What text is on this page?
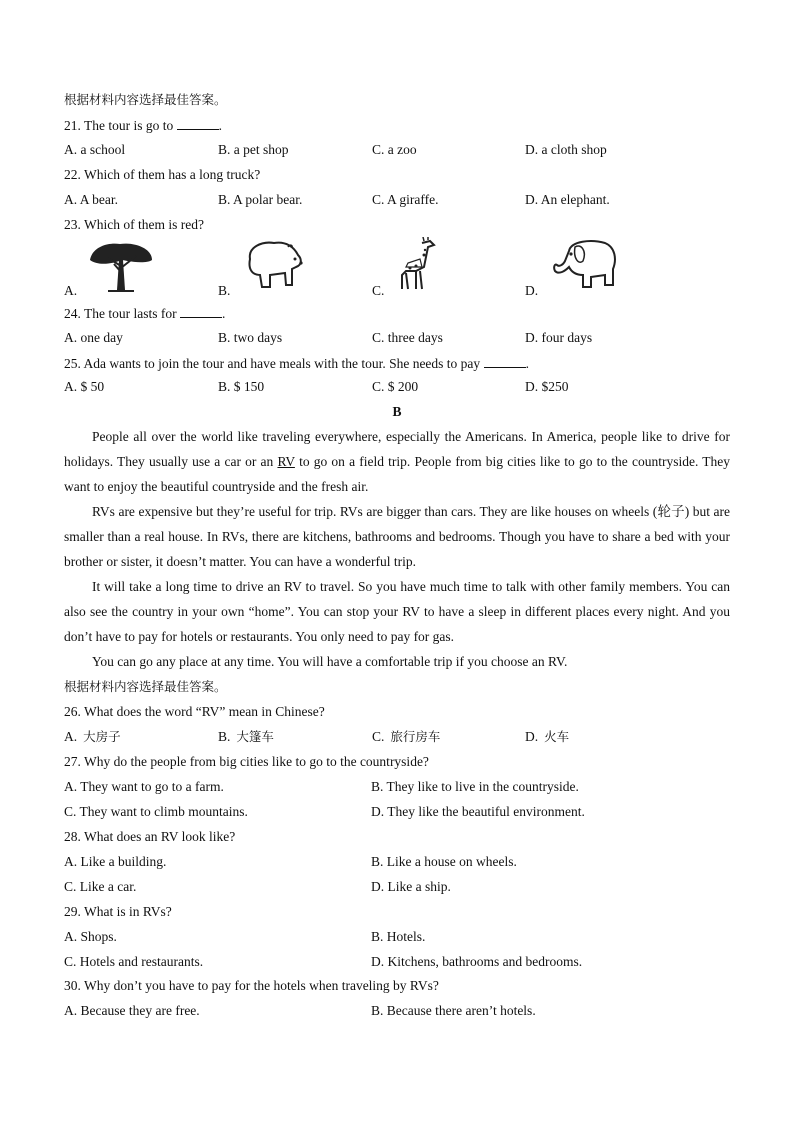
根据材料内容选择最佳答案。
21. The tour is go to	.
A. a school	B. a pet shop	C. a zoo	D. a cloth shop
22. Which of them has a long truck?
A. A bear.	B. A polar bear.	C. A giraffe.	D. An elephant.
23. Which of them is red?
A.	B.	C.	D.
24. The tour lasts for	.
A. one day	B. two days	C. three days	D. four days
25. Ada wants to join the tour and have meals with the tour. She needs to pay	.
A. $ 50	B. $ 150	C. $ 200	D. $250
B
People all over the world like traveling everywhere, especially the Americans. In America, people like to drive for holidays. They usually use a car or an RV to go on a field trip. People from big cities like to go to the countryside. They want to enjoy the beautiful countryside and the fresh air.
RVs are expensive but they’re useful for trip. RVs are bigger than cars. They are like houses on wheels (轮子) but are smaller than a real house. In RVs, there are kitchens, bathrooms and bedrooms. Though you have to share a bed with your brother or sister, it doesn’t matter. You can have a wonderful trip.
It will take a long time to drive an RV to travel. So you have much time to talk with other family members. You can also see the country in your own “home”. You can stop your RV to have a sleep in different places every night. And you don’t have to pay for hotels or restaurants. You only need to pay for gas.
You can go any place at any time. You will have a comfortable trip if you choose an RV.
根据材料内容选择最佳答案。
26. What does the word “RV” mean in Chinese?
A. 大房子	B. 大篷车	C. 旅行房车	D. 火车
27. Why do the people from big cities like to go to the countryside?
A. They want to go to a farm.	B. They like to live in the countryside.
C. They want to climb mountains.	D. They like the beautiful environment.
28. What does an RV look like?
A. Like a building.	B. Like a house on wheels.
C. Like a car.	D. Like a ship.
29. What is in RVs?
A. Shops.	B. Hotels.
C. Hotels and restaurants.	D. Kitchens, bathrooms and bedrooms.
30. Why don’t you have to pay for the hotels when traveling by RVs?
A. Because they are free.	B. Because there aren’t hotels.
